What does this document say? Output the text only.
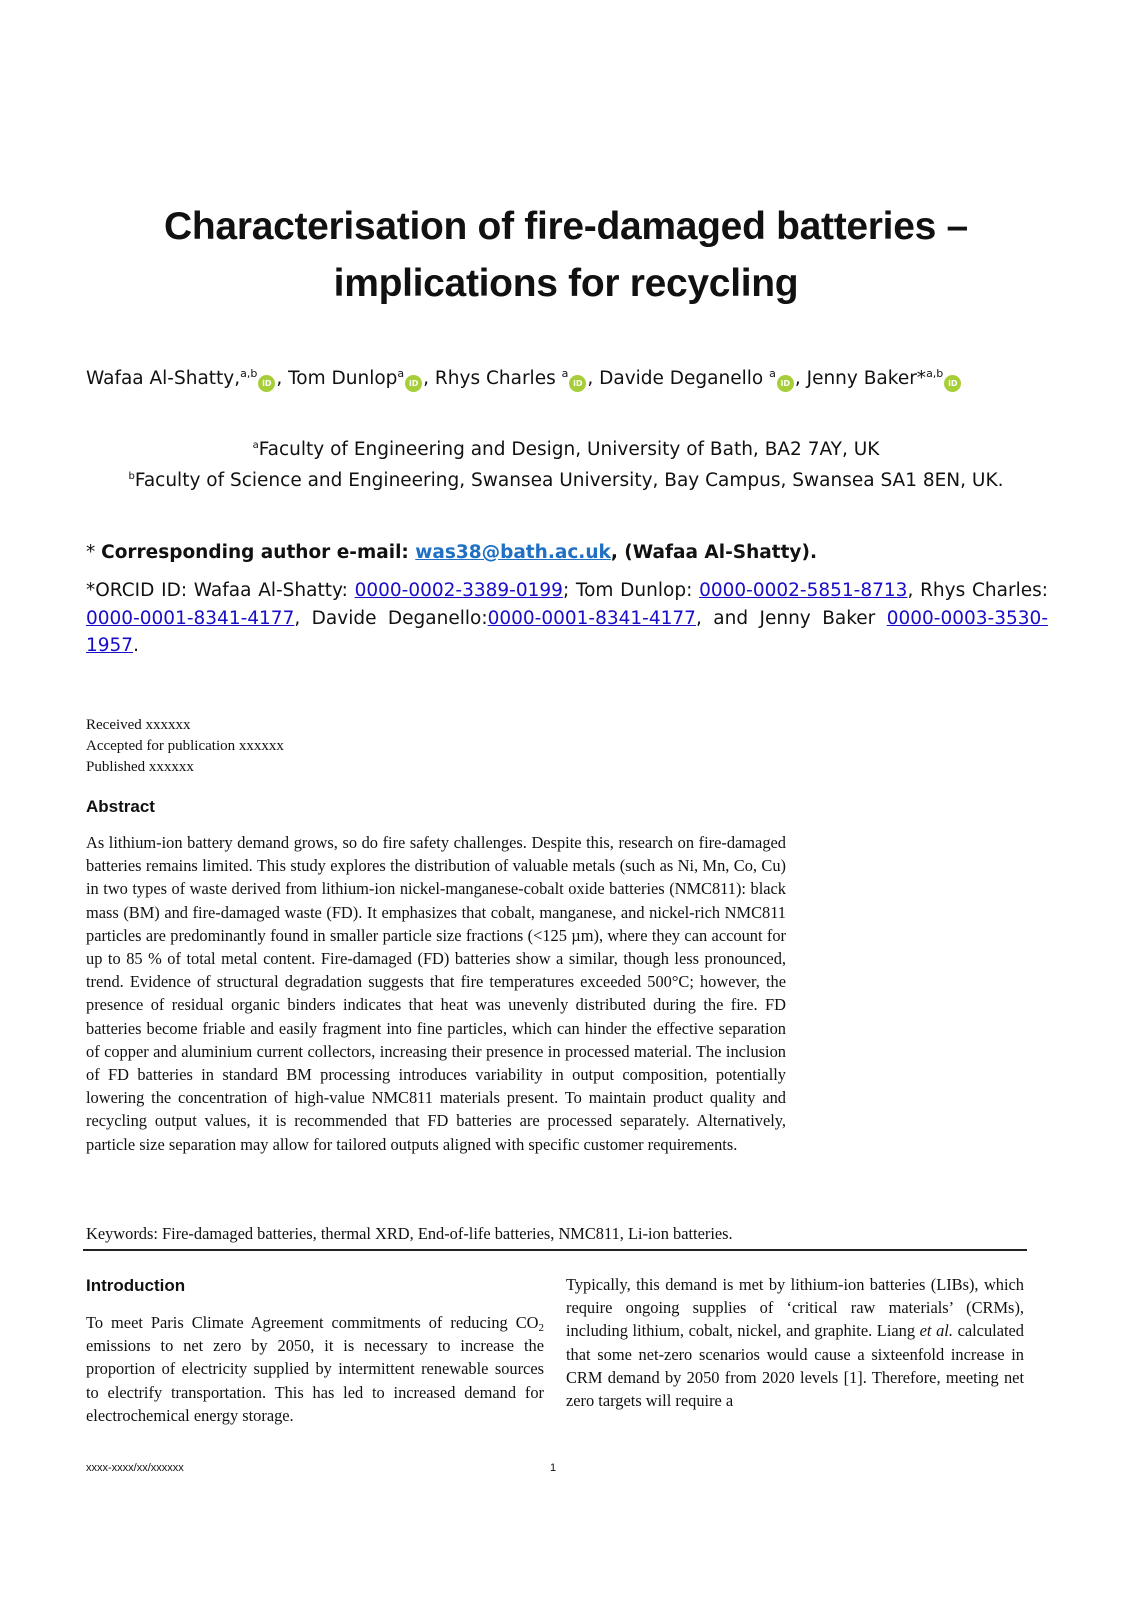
Characterisation of fire-damaged batteries –
implications for recycling
Wafaa Al-Shatty,$^{a,b}$iD , Tom Dunlop$^a$iD , Rhys Charles $^a$iD , Davide Deganello $^a$iD , Jenny Baker*$^{a,b}$iD
$^a$Faculty of Engineering and Design, University of Bath, BA2 7AY, UK
$^b$Faculty of Science and Engineering, Swansea University, Bay Campus, Swansea SA1 8EN, UK.
* Corresponding author e-mail: was38@bath.ac.uk, (Wafaa Al-Shatty).
*ORCID ID: Wafaa Al-Shatty: 0000-0002-3389-0199; Tom Dunlop: 0000-0002-5851-8713, Rhys Charles: 0000-0001-8341-4177, Davide Deganello:0000-0001-8341-4177, and Jenny Baker 0000-0003-3530-1957.
Received xxxxxx
Accepted for publication xxxxxx
Published xxxxxx
Abstract
As lithium-ion battery demand grows, so do fire safety challenges. Despite this, research on fire-damaged batteries remains limited. This study explores the distribution of valuable metals (such as Ni, Mn, Co, Cu) in two types of waste derived from lithium-ion nickel-manganese-cobalt oxide batteries (NMC811): black mass (BM) and fire-damaged waste (FD). It emphasizes that cobalt, manganese, and nickel-rich NMC811 particles are predominantly found in smaller particle size fractions (<125 µm), where they can account for up to 85 % of total metal content. Fire-damaged (FD) batteries show a similar, though less pronounced, trend. Evidence of structural degradation suggests that fire temperatures exceeded 500°C; however, the presence of residual organic binders indicates that heat was unevenly distributed during the fire. FD batteries become friable and easily fragment into fine particles, which can hinder the effective separation of copper and aluminium current collectors, increasing their presence in processed material. The inclusion of FD batteries in standard BM processing introduces variability in output composition, potentially lowering the concentration of high-value NMC811 materials present. To maintain product quality and recycling output values, it is recommended that FD batteries are processed separately. Alternatively, particle size separation may allow for tailored outputs aligned with specific customer requirements.
Keywords: Fire-damaged batteries, thermal XRD, End-of-life batteries, NMC811, Li-ion batteries.
Introduction
To meet Paris Climate Agreement commitments of reducing $CO_2$ emissions to net zero by 2050, it is necessary to increase the proportion of electricity supplied by intermittent renewable sources to electrify transportation. This has led to increased demand for electrochemical energy storage.
Typically, this demand is met by lithium-ion batteries (LIBs), which require ongoing supplies of ‘critical raw materials’ (CRMs), including lithium, cobalt, nickel, and graphite. Liang et al. calculated that some net-zero scenarios would cause a sixteenfold increase in CRM demand by 2050 from 2020 levels [1]. Therefore, meeting net zero targets will require a
xxxx-xxxx/xx/xxxxxx	1
